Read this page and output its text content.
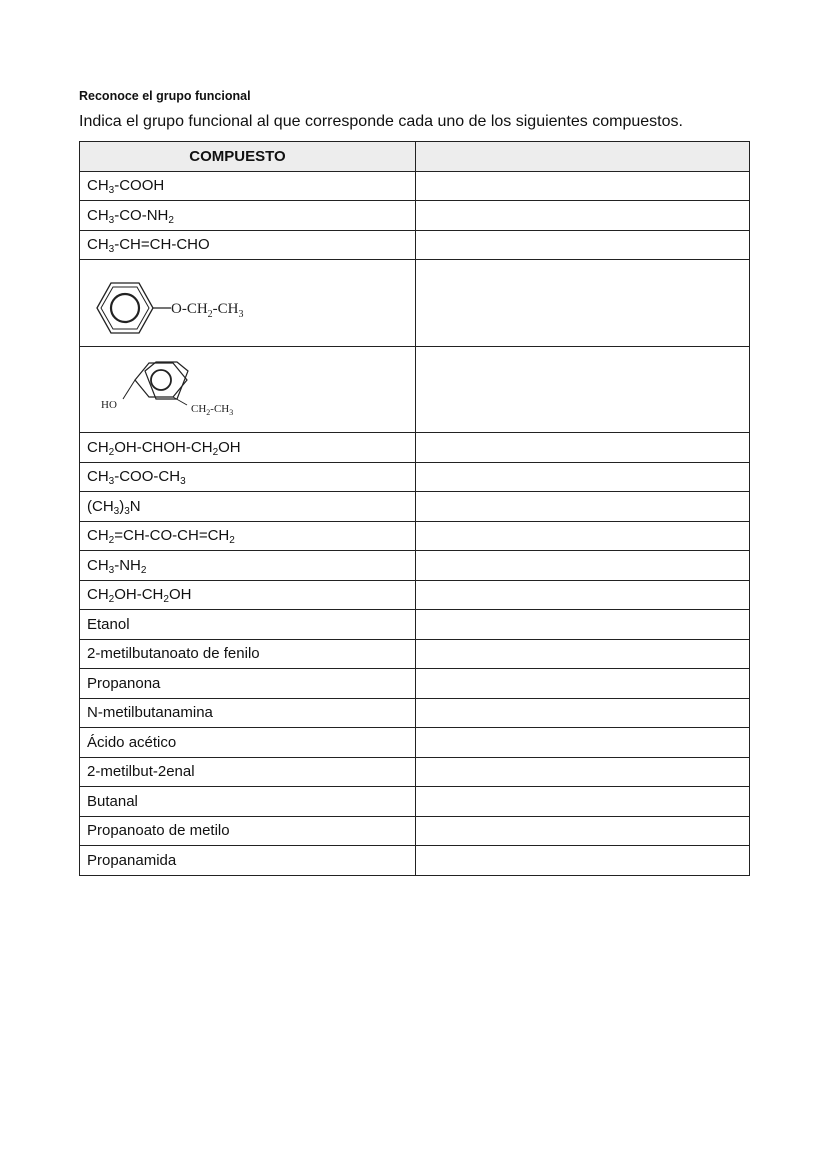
Reconoce el grupo funcional
Indica el grupo funcional al que corresponde cada uno de los siguientes compuestos.
COMPUESTO	
$CH_3$-COOH	
$CH_3-CO-NH_2$	
$CH_3-CH=CH$-CHO	

$O-CH_2-CH_3$

HO $CH_2-CH_3$

$CH_2OH-CHOH-CH_2OH$	
$CH_3-COO-CH_3$	
$(CH_3)_3N$	
$CH_2=CH-CO-CH=CH_2$	
$CH_3-NH_2$	
$CH_2OH-CH_2OH$	
Etanol	
2-metilbutanoato de fenilo	
Propanona	
N-metilbutanamina	
Ácido acético	
2-metilbut-2enal	
Butanal	
Propanoato de metilo	
Propanamida	
